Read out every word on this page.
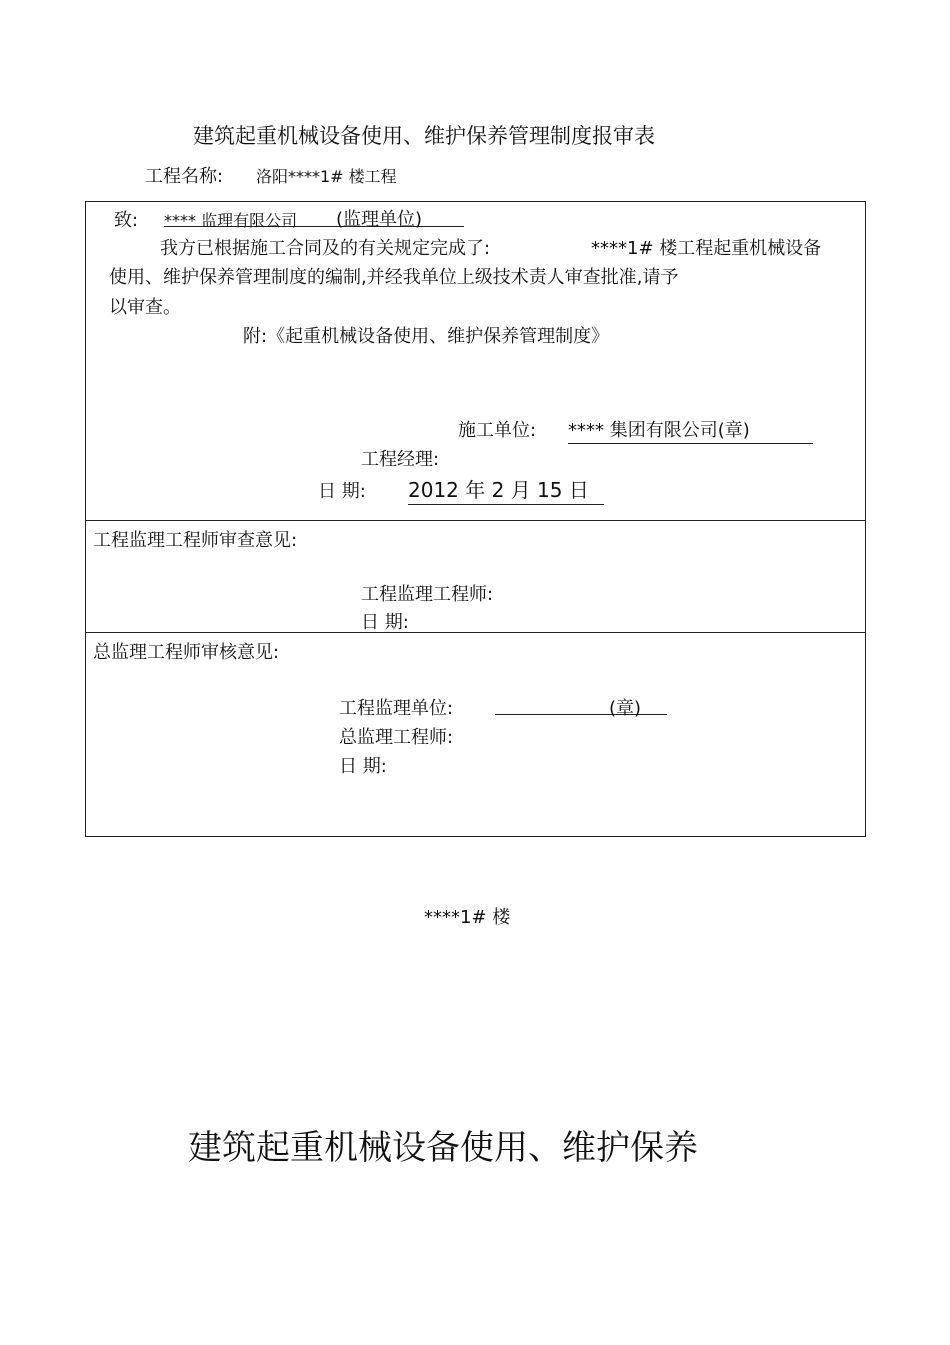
建筑起重机械设备使用、维护保养管理制度报审表
工程名称: 洛阳****1# 楼工程
致: **** 监理有限公司 (监理单位)
我方已根据施工合同及的有关规定完成了:	****1# 楼工程起重机械设备
使用、维护保养管理制度的编制,并经我单位上级技术责人审查批准,请予
以审查。
附:《起重机械设备使用、维护保养管理制度》
施工单位: **** 集团有限公司(章)
工程经理:
日 期: 2012 年 2 月 15 日
工程监理工程师审查意见:
工程监理工程师:
日 期:
总监理工程师审核意见:
工程监理单位:	(章)
总监理工程师:
日 期:
****1# 楼
建筑起重机械设备使用、维护保养
